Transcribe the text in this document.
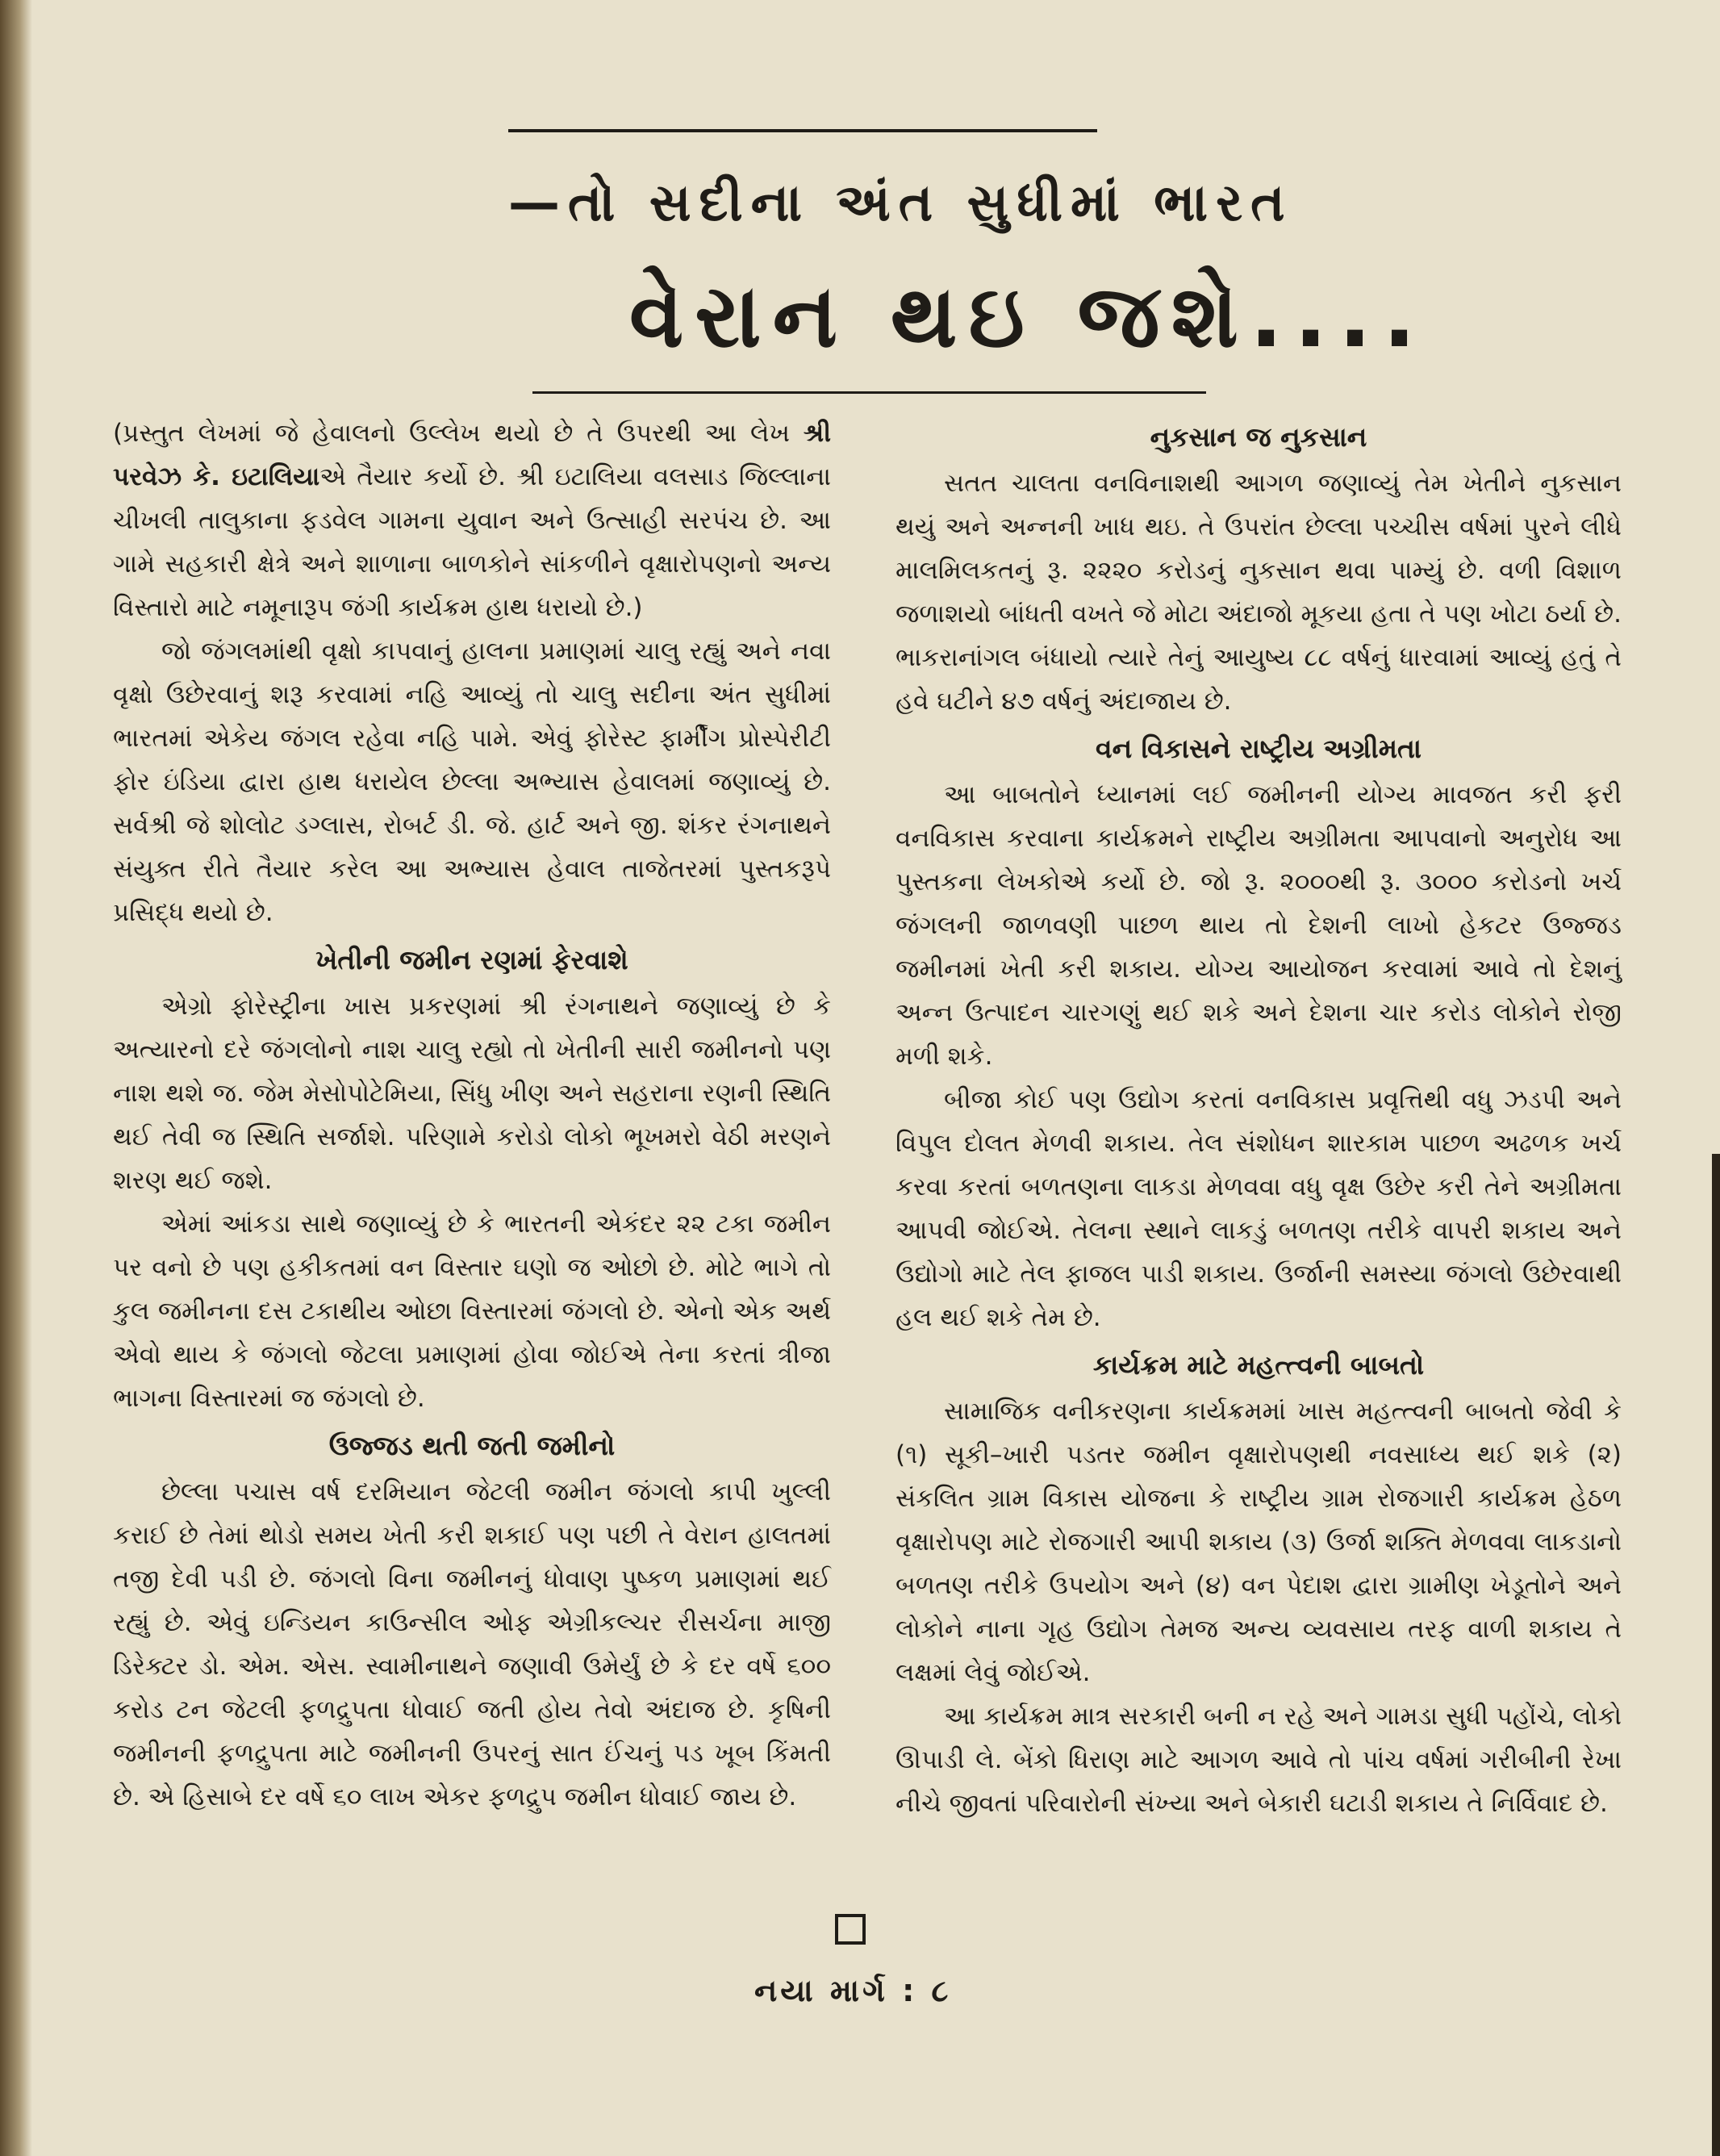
—તો સદીના અંત સુધીમાં ભારત
વેરાન થઇ જશે....

(પ્રસ્તુત લેખમાં જે હેવાલનો ઉલ્લેખ થયો છે તે ઉપરથી આ લેખ શ્રી પરવેઝ કે. ઇટાલિયાએ તૈયાર કર્યો છે. શ્રી ઇટાલિયા વલસાડ જિલ્લાના ચીખલી તાલુકાના ફડવેલ ગામના યુવાન અને ઉત્સાહી સરપંચ છે. આ ગામે સહકારી ક્ષેત્રે અને શાળાના બાળકોને સાંકળીને વૃક્ષારોપણનો અન્ય વિસ્તારો માટે નમૂનારૂપ જંગી કાર્યક્રમ હાથ ધરાયો છે.)

જો જંગલમાંથી વૃક્ષો કાપવાનું હાલના પ્રમાણમાં ચાલુ રહ્યું અને નવા વૃક્ષો ઉછેરવાનું શરૂ કરવામાં નહિ આવ્યું તો ચાલુ સદીના અંત સુધીમાં ભારતમાં એકેય જંગલ રહેવા નહિ પામે. એવું ફોરેસ્ટ ફાર્મીંગ પ્રોસ્પેરીટી ફોર ઇંડિયા દ્વારા હાથ ધરાયેલ છેલ્લા અભ્યાસ હેવાલમાં જણાવ્યું છે. સર્વશ્રી જે શોલોટ ડગ્લાસ, રોબર્ટ ડી. જે. હાર્ટ અને જી. શંકર રંગનાથને સંયુક્ત રીતે તૈયાર કરેલ આ અભ્યાસ હેવાલ તાજેતરમાં પુસ્તકરૂપે પ્રસિદ્ધ થયો છે.

ખેતીની જમીન રણમાં ફેરવાશે

એગ્રો ફોરેસ્ટ્રીના ખાસ પ્રકરણમાં શ્રી રંગનાથને જણાવ્યું છે કે અત્યારનો દરે જંગલોનો નાશ ચાલુ રહ્યો તો ખેતીની સારી જમીનનો પણ નાશ થશે જ. જેમ મેસોપોટેમિયા, સિંધુ ખીણ અને સહરાના રણની સ્થિતિ થઈ તેવી જ સ્થિતિ સર્જાશે. પરિણામે કરોડો લોકો ભૂખમરો વેઠી મરણને શરણ થઈ જશે.

એમાં આંકડા સાથે જણાવ્યું છે કે ભારતની એકંદર ૨૨ ટકા જમીન પર વનો છે પણ હકીકતમાં વન વિસ્તાર ઘણો જ ઓછો છે. મોટે ભાગે તો કુલ જમીનના દસ ટકાથીય ઓછા વિસ્તારમાં જંગલો છે. એનો એક અર્થ એવો થાય કે જંગલો જેટલા પ્રમાણમાં હોવા જોઈએ તેના કરતાં ત્રીજા ભાગના વિસ્તારમાં જ જંગલો છે.

ઉજ્જડ થતી જતી જમીનો

છેલ્લા પચાસ વર્ષ દરમિયાન જેટલી જમીન જંગલો કાપી ખુલ્લી કરાઈ છે તેમાં થોડો સમય ખેતી કરી શકાઈ પણ પછી તે વેરાન હાલતમાં તજી દેવી પડી છે. જંગલો વિના જમીનનું ધોવાણ પુષ્કળ પ્રમાણમાં થઈ રહ્યું છે. એવું ઇન્ડિયન કાઉન્સીલ ઓફ એગ્રીકલ્ચર રીસર્ચના માજી ડિરેક્ટર ડો. એમ. એસ. સ્વામીનાથને જણાવી ઉમેર્યું છે કે દર વર્ષે ૬૦૦ કરોડ ટન જેટલી ફળદ્રુપતા ધોવાઈ જતી હોય તેવો અંદાજ છે. કૃષિની જમીનની ફળદ્રુપતા માટે જમીનની ઉપરનું સાત ઈંચનું પડ ખૂબ કિંમતી છે. એ હિસાબે દર વર્ષે ૬૦ લાખ એકર ફળદ્રુપ જમીન ધોવાઈ જાય છે.

નુકસાન જ નુકસાન

સતત ચાલતા વનવિનાશથી આગળ જણાવ્યું તેમ ખેતીને નુકસાન થયું અને અન્નની ખાધ થઇ. તે ઉપરાંત છેલ્લા પચ્ચીસ વર્ષમાં પુરને લીધે માલમિલકતનું રૂ. ૨૨૨૦ કરોડનું નુકસાન થવા પામ્યું છે. વળી વિશાળ જળાશયો બાંધતી વખતે જે મોટા અંદાજો મૂકયા હતા તે પણ ખોટા ઠર્યા છે. ભાકરાનાંગલ બંધાયો ત્યારે તેનું આયુષ્ય ૮૮ વર્ષનું ધારવામાં આવ્યું હતું તે હવે ઘટીને ૪૭ વર્ષનું અંદાજાય છે.

વન વિકાસને રાષ્ટ્રીય અગ્રીમતા

આ બાબતોને ધ્યાનમાં લઈ જમીનની યોગ્ય માવજત કરી ફરી વનવિકાસ કરવાના કાર્યક્રમને રાષ્ટ્રીય અગ્રીમતા આપવાનો અનુરોધ આ પુસ્તકના લેખકોએ કર્યો છે. જો રૂ. ૨૦૦૦થી રૂ. ૩૦૦૦ કરોડનો ખર્ચ જંગલની જાળવણી પાછળ થાય તો દેશની લાખો હેકટર ઉજ્જડ જમીનમાં ખેતી કરી શકાય. યોગ્ય આયોજન કરવામાં આવે તો દેશનું અન્ન ઉત્પાદન ચારગણું થઈ શકે અને દેશના ચાર કરોડ લોકોને રોજી મળી શકે.

બીજા કોઈ પણ ઉદ્યોગ કરતાં વનવિકાસ પ્રવૃત્તિથી વધુ ઝડપી અને વિપુલ દોલત મેળવી શકાય. તેલ સંશોધન શારકામ પાછળ અઢળક ખર્ચ કરવા કરતાં બળતણના લાકડા મેળવવા વધુ વૃક્ષ ઉછેર કરી તેને અગ્રીમતા આપવી જોઈએ. તેલના સ્થાને લાકડું બળતણ તરીકે વાપરી શકાય અને ઉદ્યોગો માટે તેલ ફાજલ પાડી શકાય. ઉર્જાની સમસ્યા જંગલો ઉછેરવાથી હલ થઈ શકે તેમ છે.

કાર્યક્રમ માટે મહત્ત્વની બાબતો

સામાજિક વનીકરણના કાર્યક્રમમાં ખાસ મહત્ત્વની બાબતો જેવી કે (૧) સૂકી–ખારી પડતર જમીન વૃક્ષારોપણથી નવસાધ્ય થઈ શકે (૨) સંકલિત ગ્રામ વિકાસ યોજના કે રાષ્ટ્રીય ગ્રામ રોજગારી કાર્યક્રમ હેઠળ વૃક્ષારોપણ માટે રોજગારી આપી શકાય (૩) ઉર્જા શક્તિ મેળવવા લાકડાનો બળતણ તરીકે ઉપયોગ અને (૪) વન પેદાશ દ્વારા ગ્રામીણ ખેડૂતોને અને લોકોને નાના ગૃહ ઉદ્યોગ તેમજ અન્ય વ્યવસાય તરફ વાળી શકાય તે લક્ષમાં લેવું જોઈએ.

આ કાર્યક્રમ માત્ર સરકારી બની ન રહે અને ગામડા સુધી પહોંચે, લોકો ઊપાડી લે. બેંકો ધિરાણ માટે આગળ આવે તો પાંચ વર્ષમાં ગરીબીની રેખા નીચે જીવતાં પરિવારોની સંખ્યા અને બેકારી ઘટાડી શકાય તે નિર્વિવાદ છે.

નયા માર્ગ : ૮
